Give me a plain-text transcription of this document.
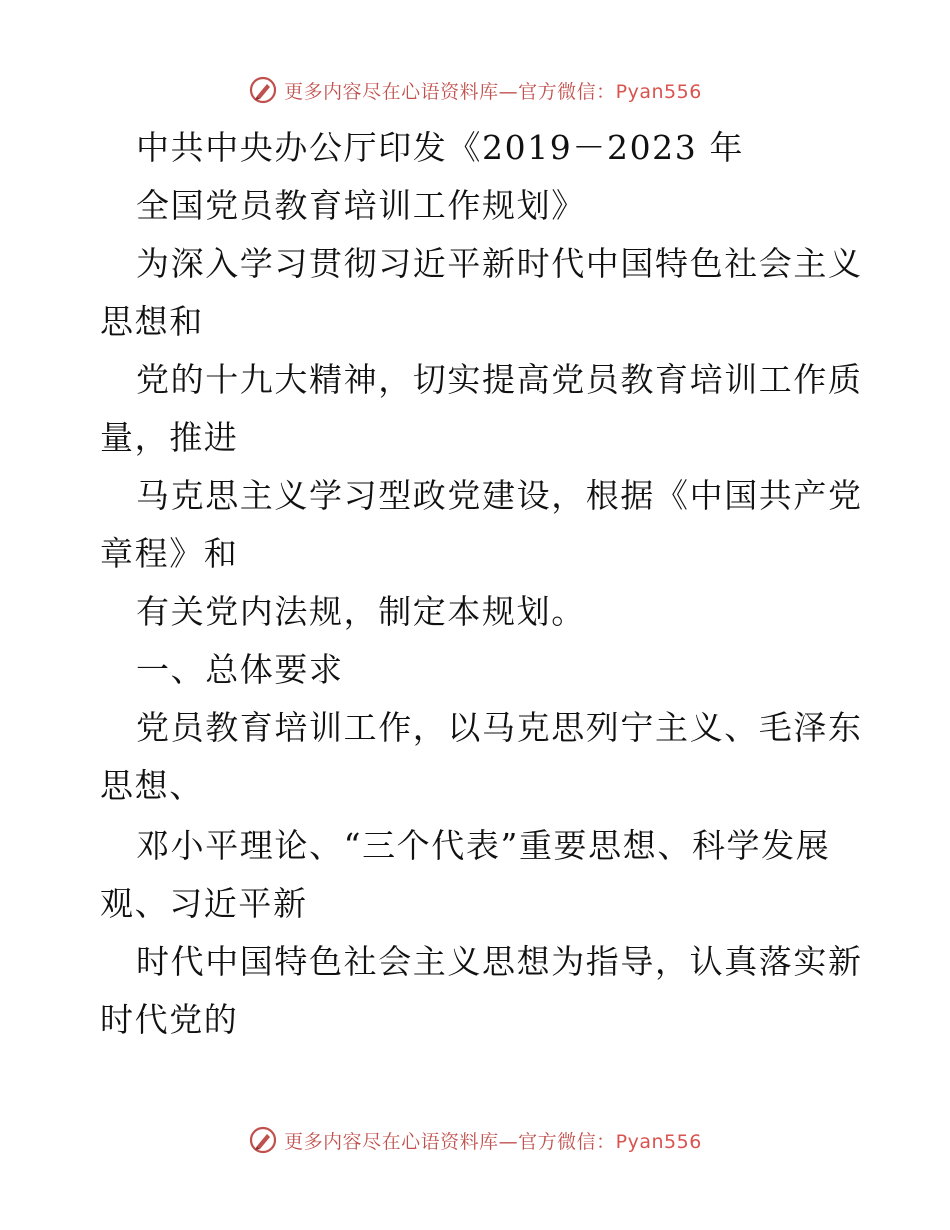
更多内容尽在心语资料库—官方微信：Pyan556
中共中央办公厅印发《2019－2023 年
全国党员教育培训工作规划》
为深入学习贯彻习近平新时代中国特色社会主义
思想和
党的十九大精神，切实提高党员教育培训工作质
量，推进
马克思主义学习型政党建设，根据《中国共产党
章程》和
有关党内法规，制定本规划。
一、总体要求
党员教育培训工作，以马克思列宁主义、毛泽东
思想、
邓小平理论、“三个代表”重要思想、科学发展
观、习近平新
时代中国特色社会主义思想为指导，认真落实新
时代党的
更多内容尽在心语资料库—官方微信：Pyan556
